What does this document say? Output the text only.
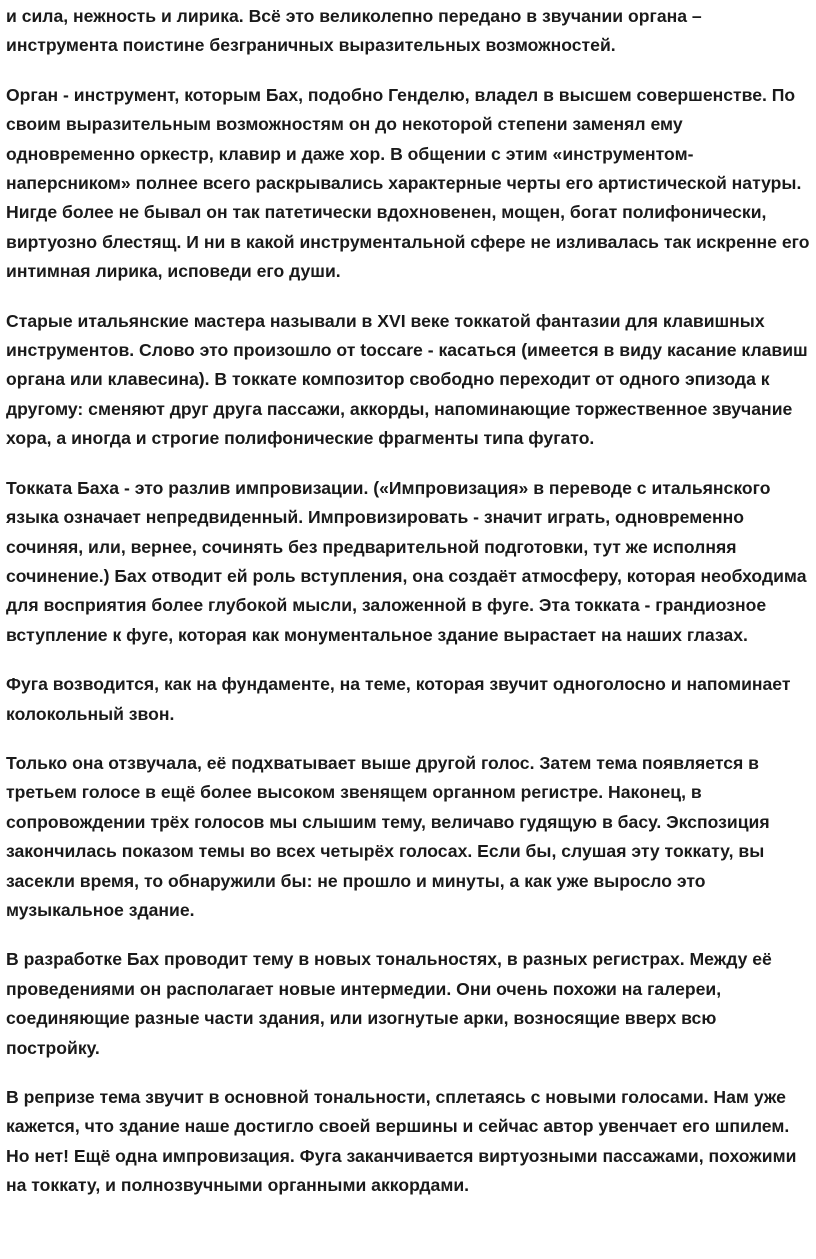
и сила, нежность и лирика. Всё это великолепно передано в звучании органа – инструмента поистине безграничных выразительных возможностей.

Орган - инструмент, которым Бах, подобно Генделю, владел в высшем совершенстве. По своим выразительным возможностям он до некоторой степени заменял ему одновременно оркестр, клавир и даже хор. В общении с этим «инструментом-наперсником» полнее всего раскрывались характерные черты его артистической натуры. Нигде более не бывал он так патетически вдохновенен, мощен, богат полифонически, виртуозно блестящ. И ни в какой инструментальной сфере не изливалась так искренне его интимная лирика, исповеди его души.

Старые итальянские мастера называли в XVI веке токкатой фантазии для клавишных инструментов. Слово это произошло от toccare - касаться (имеется в виду касание клавиш органа или клавесина). В токкате композитор свободно переходит от одного эпизода к другому: сменяют друг друга пассажи, аккорды, напоминающие торжественное звучание хора, а иногда и строгие полифонические фрагменты типа фугато.

Токката Баха - это разлив импровизации. («Импровизация» в переводе с итальянского языка означает непредвиденный. Импровизировать - значит играть, одновременно сочиняя, или, вернее, сочинять без предварительной подготовки, тут же исполняя сочинение.) Бах отводит ей роль вступления, она создаёт атмосферу, которая необходима для восприятия более глубокой мысли, заложенной в фуге. Эта токката - грандиозное вступление к фуге, которая как монументальное здание вырастает на наших глазах.

Фуга возводится, как на фундаменте, на теме, которая звучит одноголосно и напоминает колокольный звон.

Только она отзвучала, её подхватывает выше другой голос. Затем тема появляется в третьем голосе в ещё более высоком звенящем органном регистре. Наконец, в сопровождении трёх голосов мы слышим тему, величаво гудящую в басу. Экспозиция закончилась показом темы во всех четырёх голосах. Если бы, слушая эту токкату, вы засекли время, то обнаружили бы: не прошло и минуты, а как уже выросло это музыкальное здание.

В разработке Бах проводит тему в новых тональностях, в разных регистрах. Между её проведениями он располагает новые интермедии. Они очень похожи на галереи, соединяющие разные части здания, или изогнутые арки, возносящие вверх всю постройку.

В репризе тема звучит в основной тональности, сплетаясь с новыми голосами. Нам уже кажется, что здание наше достигло своей вершины и сейчас автор увенчает его шпилем. Но нет! Ещё одна импровизация. Фуга заканчивается виртуозными пассажами, похожими на токкату, и полнозвучными органными аккордами.
